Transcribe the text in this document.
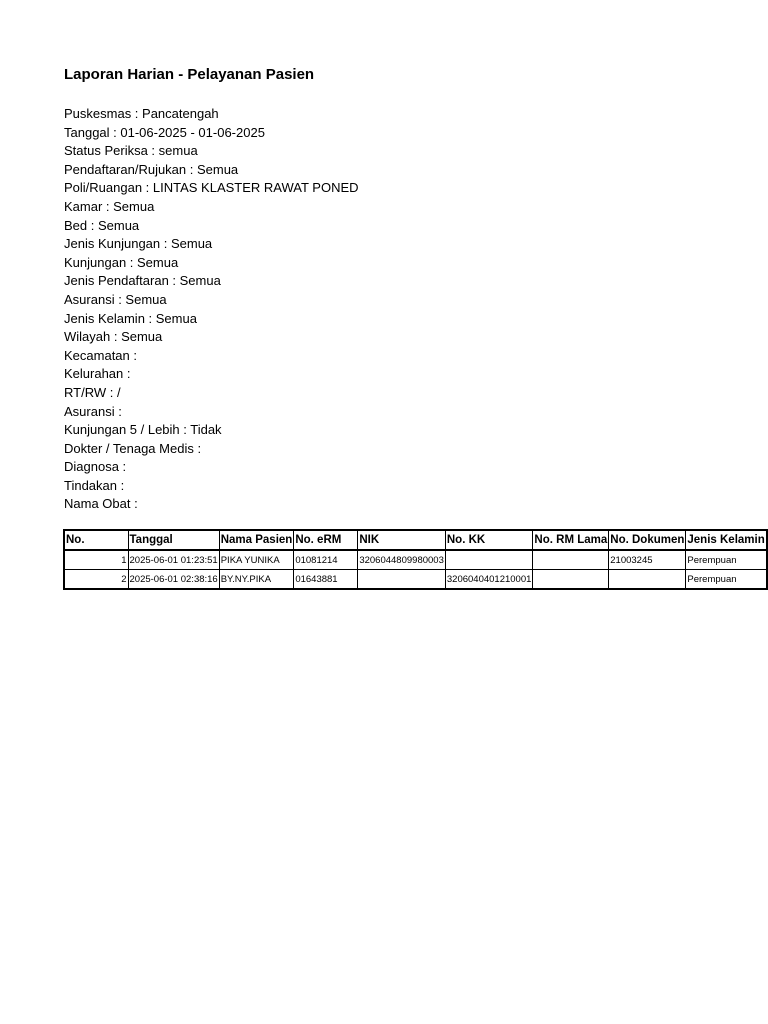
Laporan Harian - Pelayanan Pasien
Puskesmas : Pancatengah
Tanggal : 01-06-2025 - 01-06-2025
Status Periksa : semua
Pendaftaran/Rujukan : Semua
Poli/Ruangan : LINTAS KLASTER RAWAT PONED
Kamar : Semua
Bed : Semua
Jenis Kunjungan : Semua
Kunjungan : Semua
Jenis Pendaftaran : Semua
Asuransi : Semua
Jenis Kelamin : Semua
Wilayah : Semua
Kecamatan :
Kelurahan :
RT/RW : /
Asuransi :
Kunjungan 5 / Lebih : Tidak
Dokter / Tenaga Medis :
Diagnosa :
Tindakan :
Nama Obat :
No.	Tanggal	Nama Pasien	No. eRM	NIK	No. KK	No. RM Lama	No. Dokumen	Jenis Kelamin
1	2025-06-01 01:23:51	PIKA YUNIKA	01081214	3206044809980003			21003245	Perempuan
2	2025-06-01 02:38:16	BY.NY.PIKA	01643881		3206040401210001			Perempuan
